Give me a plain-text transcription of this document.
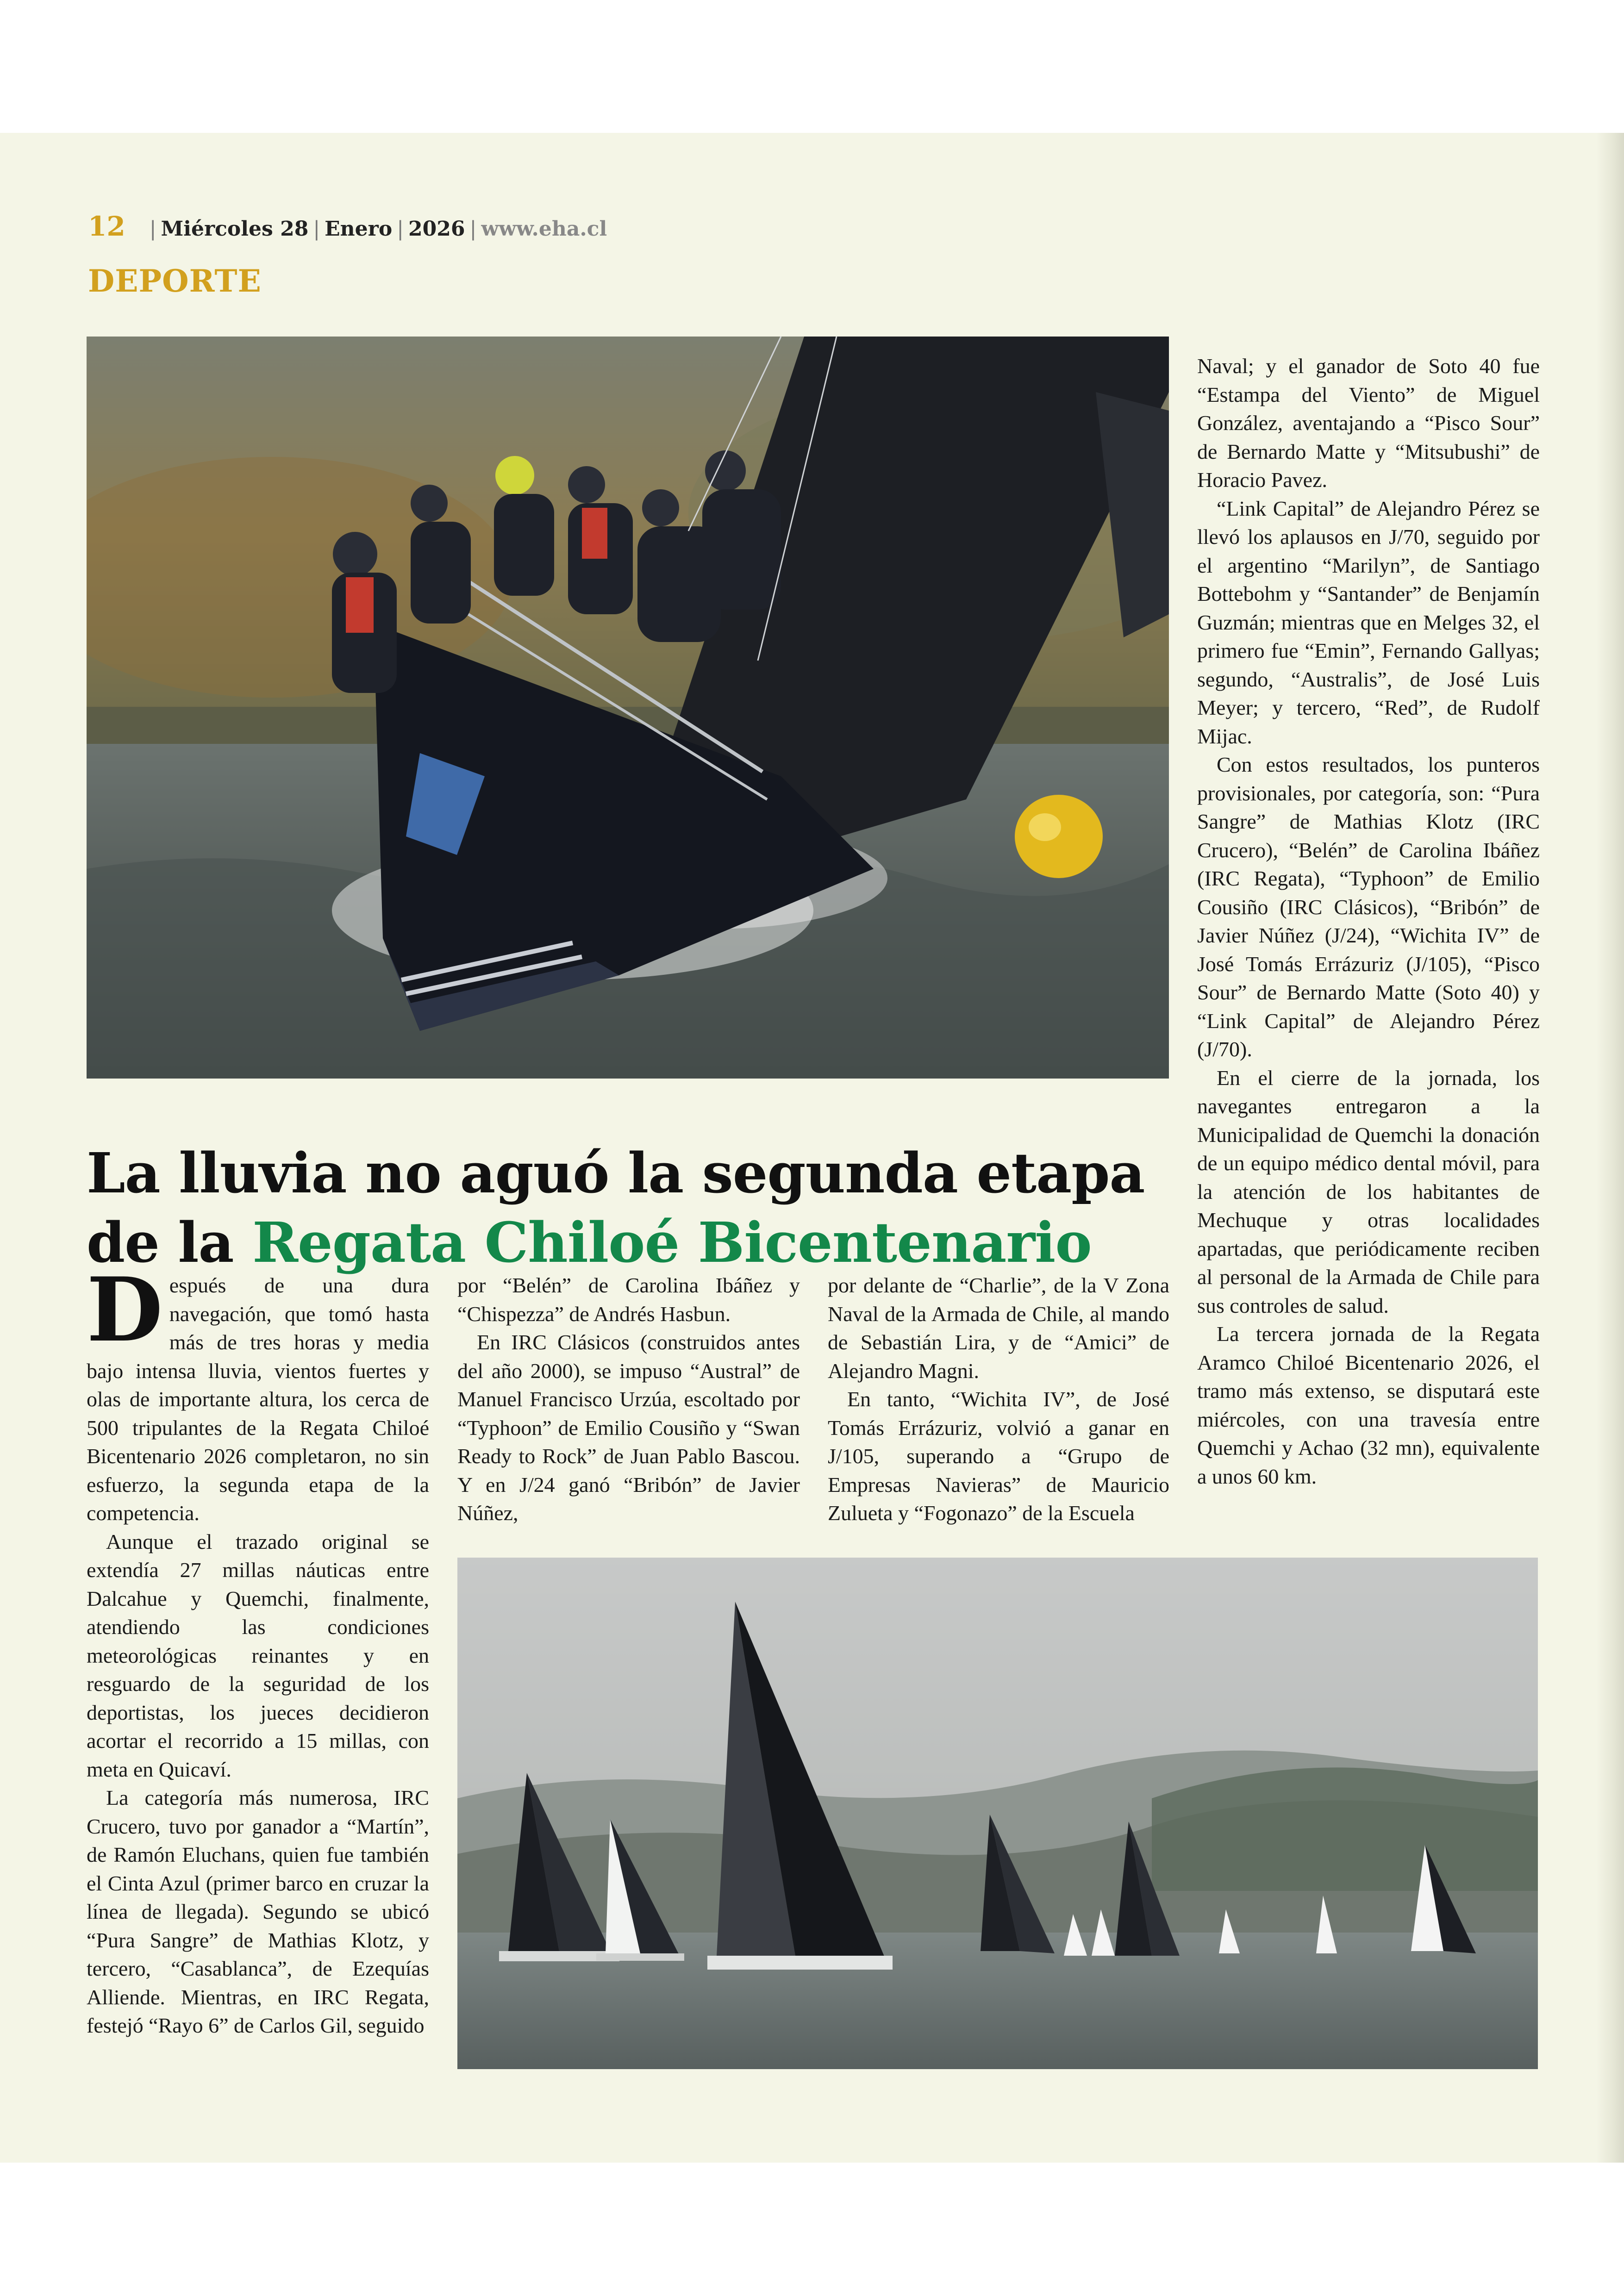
12 | Miércoles 28 | Enero | 2026 | www.eha.cl
DEPORTE
La lluvia no aguó la segunda etapa
de la Regata Chiloé Bicentenario

Después de una dura navegación, que tomó hasta más de tres horas y media bajo intensa lluvia, vientos fuertes y olas de importante altura, los cerca de 500 tripulantes de la Regata Chiloé Bicentenario 2026 completaron, no sin esfuerzo, la segunda etapa de la competencia.

Aunque el trazado original se extendía 27 millas náuticas entre Dalcahue y Quemchi, finalmente, atendiendo las condiciones meteorológicas reinantes y en resguardo de la seguridad de los deportistas, los jueces decidieron acortar el recorrido a 15 millas, con meta en Quicaví.

La categoría más numerosa, IRC Crucero, tuvo por ganador a “Martín”, de Ramón Eluchans, quien fue también el Cinta Azul (primer barco en cruzar la línea de llegada). Segundo se ubicó “Pura Sangre” de Mathias Klotz, y tercero, “Casablanca”, de Ezequías Alliende. Mientras, en IRC Regata, festejó “Rayo 6” de Carlos Gil, seguido

por “Belén” de Carolina Ibáñez y “Chispezza” de Andrés Hasbun.

En IRC Clásicos (construidos antes del año 2000), se impuso “Austral” de Manuel Francisco Urzúa, escoltado por “Typhoon” de Emilio Cousiño y “Swan Ready to Rock” de Juan Pablo Bascou. Y en J/24 ganó “Bribón” de Javier Núñez,

por delante de “Charlie”, de la V Zona Naval de la Armada de Chile, al mando de Sebastián Lira, y de “Amici” de Alejandro Magni.

En tanto, “Wichita IV”, de José Tomás Errázuriz, volvió a ganar en J/105, superando a “Grupo de Empresas Navieras” de Mauricio Zulueta y “Fogonazo” de la Escuela

Naval; y el ganador de Soto 40 fue “Estampa del Viento” de Miguel González, aventajando a “Pisco Sour” de Bernardo Matte y “Mitsubushi” de Horacio Pavez.

“Link Capital” de Alejandro Pérez se llevó los aplausos en J/70, seguido por el argentino “Marilyn”, de Santiago Bottebohm y “Santander” de Benjamín Guzmán; mientras que en Melges 32, el primero fue “Emin”, Fernando Gallyas; segundo, “Australis”, de José Luis Meyer; y tercero, “Red”, de Rudolf Mijac.

Con estos resultados, los punteros provisionales, por categoría, son: “Pura Sangre” de Mathias Klotz (IRC Crucero), “Belén” de Carolina Ibáñez (IRC Regata), “Typhoon” de Emilio Cousiño (IRC Clásicos), “Bribón” de Javier Núñez (J/24), “Wichita IV” de José Tomás Errázuriz (J/105), “Pisco Sour” de Bernardo Matte (Soto 40) y “Link Capital” de Alejandro Pérez (J/70).

En el cierre de la jornada, los navegantes entregaron a la Municipalidad de Quemchi la donación de un equipo médico dental móvil, para la atención de los habitantes de Mechuque y otras localidades apartadas, que periódicamente reciben al personal de la Armada de Chile para sus controles de salud.

La tercera jornada de la Regata Aramco Chiloé Bicentenario 2026, el tramo más extenso, se disputará este miércoles, con una travesía entre Quemchi y Achao (32 mn), equivalente a unos 60 km.
